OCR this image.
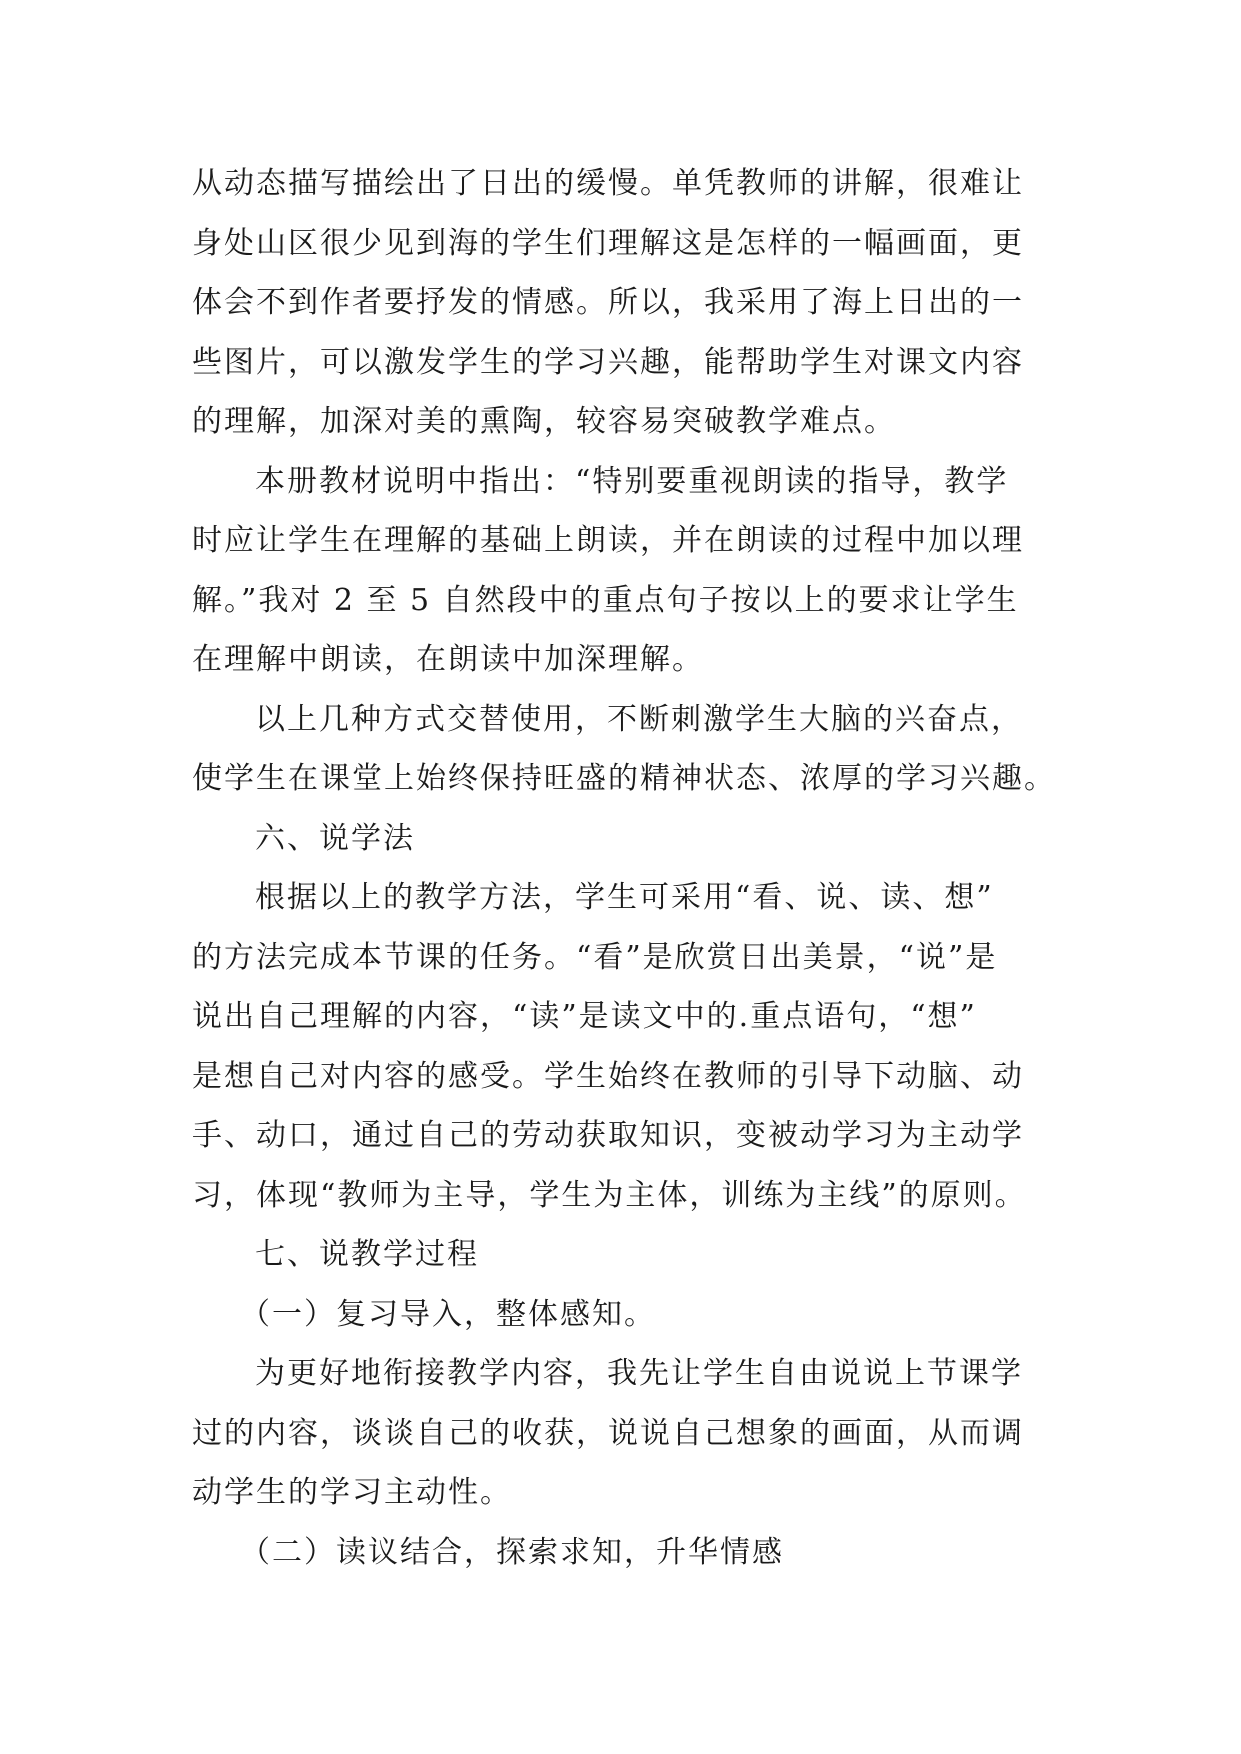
从动态描写描绘出了日出的缓慢。单凭教师的讲解，很难让
身处山区很少见到海的学生们理解这是怎样的一幅画面，更
体会不到作者要抒发的情感。所以，我采用了海上日出的一
些图片，可以激发学生的学习兴趣，能帮助学生对课文内容
的理解，加深对美的熏陶，较容易突破教学难点。
本册教材说明中指出：“特别要重视朗读的指导，教学
时应让学生在理解的基础上朗读，并在朗读的过程中加以理
解。”我对 2 至 5 自然段中的重点句子按以上的要求让学生
在理解中朗读，在朗读中加深理解。
以上几种方式交替使用，不断刺激学生大脑的兴奋点，
使学生在课堂上始终保持旺盛的精神状态、浓厚的学习兴趣。
六、说学法
根据以上的教学方法，学生可采用“看、说、读、想”
的方法完成本节课的任务。“看”是欣赏日出美景，“说”是
说出自己理解的内容，“读”是读文中的.重点语句，“想”
是想自己对内容的感受。学生始终在教师的引导下动脑、动
手、动口，通过自己的劳动获取知识，变被动学习为主动学
习，体现“教师为主导，学生为主体，训练为主线”的原则。
七、说教学过程
（一）复习导入，整体感知。
为更好地衔接教学内容，我先让学生自由说说上节课学
过的内容，谈谈自己的收获，说说自己想象的画面，从而调
动学生的学习主动性。
（二）读议结合，探索求知，升华情感
